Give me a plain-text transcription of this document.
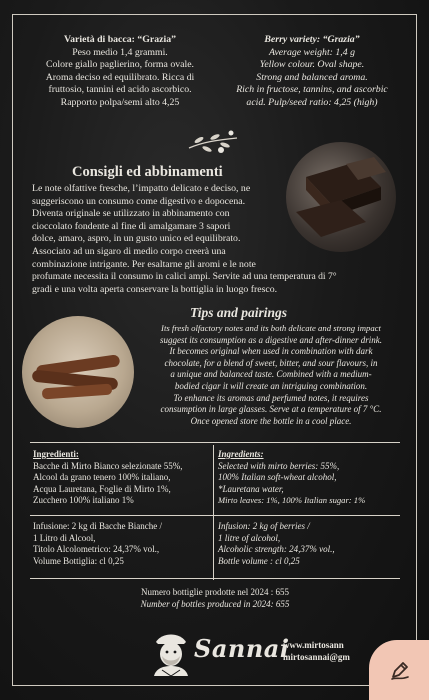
Varietà di bacca: “Grazia”
Peso medio 1,4 grammi.
Colore giallo paglierino, forma ovale.
Aroma deciso ed equilibrato. Ricca di
fruttosio, tannini ed acido ascorbico.
Rapporto polpa/semi alto 4,25
Berry variety: “Grazia”
Average weight: 1,4 g
Yellow colour. Oval shape.
Strong and balanced aroma.
Rich in fructose, tannins, and ascorbic
acid. Pulp/seed ratio: 4,25 (high)
Consigli ed abbinamenti
Le note olfattive fresche, l’impatto delicato e deciso, ne
suggeriscono un consumo come digestivo e dopocena.
Diventa originale se utilizzato in abbinamento con
cioccolato fondente al fine di amalgamare 3 sapori
dolce, amaro, aspro, in un gusto unico ed equilibrato.
Associato ad un sigaro di medio corpo creerà una
combinazione intrigante. Per esaltarne gli aromi e le note
profumate necessita il consumo in calici ampi. Servite ad una temperatura di 7°
gradi e una volta aperta conservare la bottiglia in luogo fresco.
Tips and pairings
Its fresh olfactory notes and its both delicate and strong impact
suggest its consumption as a digestive and after-dinner drink.
It becomes original when used in combination with dark
chocolate, for a blend of sweet, bitter, and sour flavours, in
a unique and balanced taste. Combined with a medium-
bodied cigar it will create an intriguing combination.
To enhance its aromas and perfumed notes, it requires
consumption in large glasses. Serve at a temperature of 7 °C.
Once opened store the bottle in a cool place.
Ingredienti:
Bacche di Mirto Bianco selezionate 55%,
Alcool da grano tenero 100% italiano,
Acqua Lauretana, Foglie di Mirto 1%,
Zucchero 100% italiano 1%
Ingredients:
Selected with mirto berries: 55%,
100% Italian soft-wheat alcohol,
*Lauretana water,
Mirto leaves: 1%, 100% Italian sugar: 1%
Infusione: 2 kg di Bacche Bianche /
1 Litro di Alcool,
Titolo Alcolometrico: 24,37% vol.,
Volume Bottiglia: cl 0,25
Infusion: 2 kg of berries /
1 litre of alcohol,
Alcoholic strength: 24,37% vol.,
Bottle volume : cl 0,25
Numero bottiglie prodotte nel 2024 : 655
Number of bottles produced in 2024: 655
Sannai
www.mirtosann
mirtosannai@gm
